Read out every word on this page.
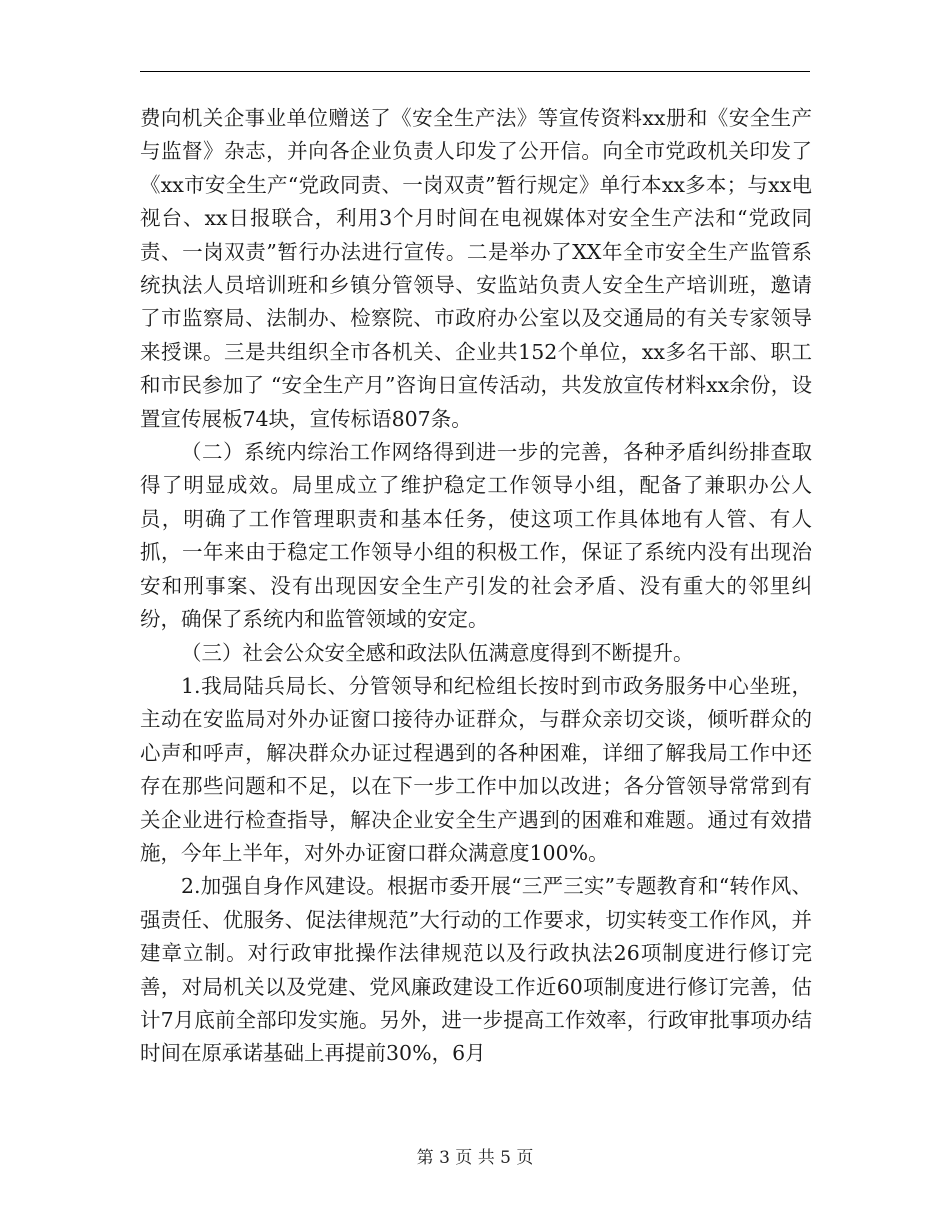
费向机关企事业单位赠送了《安全生产法》等宣传资料xx册和《安全生产与监督》杂志，并向各企业负责人印发了公开信。向全市党政机关印发了《xx市安全生产“党政同责、一岗双责”暂行规定》单行本xx多本；与xx电视台、xx日报联合，利用3个月时间在电视媒体对安全生产法和“党政同责、一岗双责”暂行办法进行宣传。二是举办了XX年全市安全生产监管系统执法人员培训班和乡镇分管领导、安监站负责人安全生产培训班，邀请了市监察局、法制办、检察院、市政府办公室以及交通局的有关专家领导来授课。三是共组织全市各机关、企业共152个单位，xx多名干部、职工和市民参加了 “安全生产月”咨询日宣传活动，共发放宣传材料xx余份，设置宣传展板74块，宣传标语807条。

（二）系统内综治工作网络得到进一步的完善，各种矛盾纠纷排查取得了明显成效。局里成立了维护稳定工作领导小组，配备了兼职办公人员，明确了工作管理职责和基本任务，使这项工作具体地有人管、有人抓，一年来由于稳定工作领导小组的积极工作，保证了系统内没有出现治安和刑事案、没有出现因安全生产引发的社会矛盾、没有重大的邻里纠纷，确保了系统内和监管领域的安定。

（三）社会公众安全感和政法队伍满意度得到不断提升。

1.我局陆兵局长、分管领导和纪检组长按时到市政务服务中心坐班，主动在安监局对外办证窗口接待办证群众，与群众亲切交谈，倾听群众的心声和呼声，解决群众办证过程遇到的各种困难，详细了解我局工作中还存在那些问题和不足，以在下一步工作中加以改进；各分管领导常常到有关企业进行检查指导，解决企业安全生产遇到的困难和难题。通过有效措施，今年上半年，对外办证窗口群众满意度100%。

2.加强自身作风建设。根据市委开展“三严三实”专题教育和“转作风、强责任、优服务、促法律规范”大行动的工作要求，切实转变工作作风，并建章立制。对行政审批操作法律规范以及行政执法26项制度进行修订完善，对局机关以及党建、党风廉政建设工作近60项制度进行修订完善，估计7月底前全部印发实施。另外，进一步提高工作效率，行政审批事项办结时间在原承诺基础上再提前30%，6月

第 3 页 共 5 页
